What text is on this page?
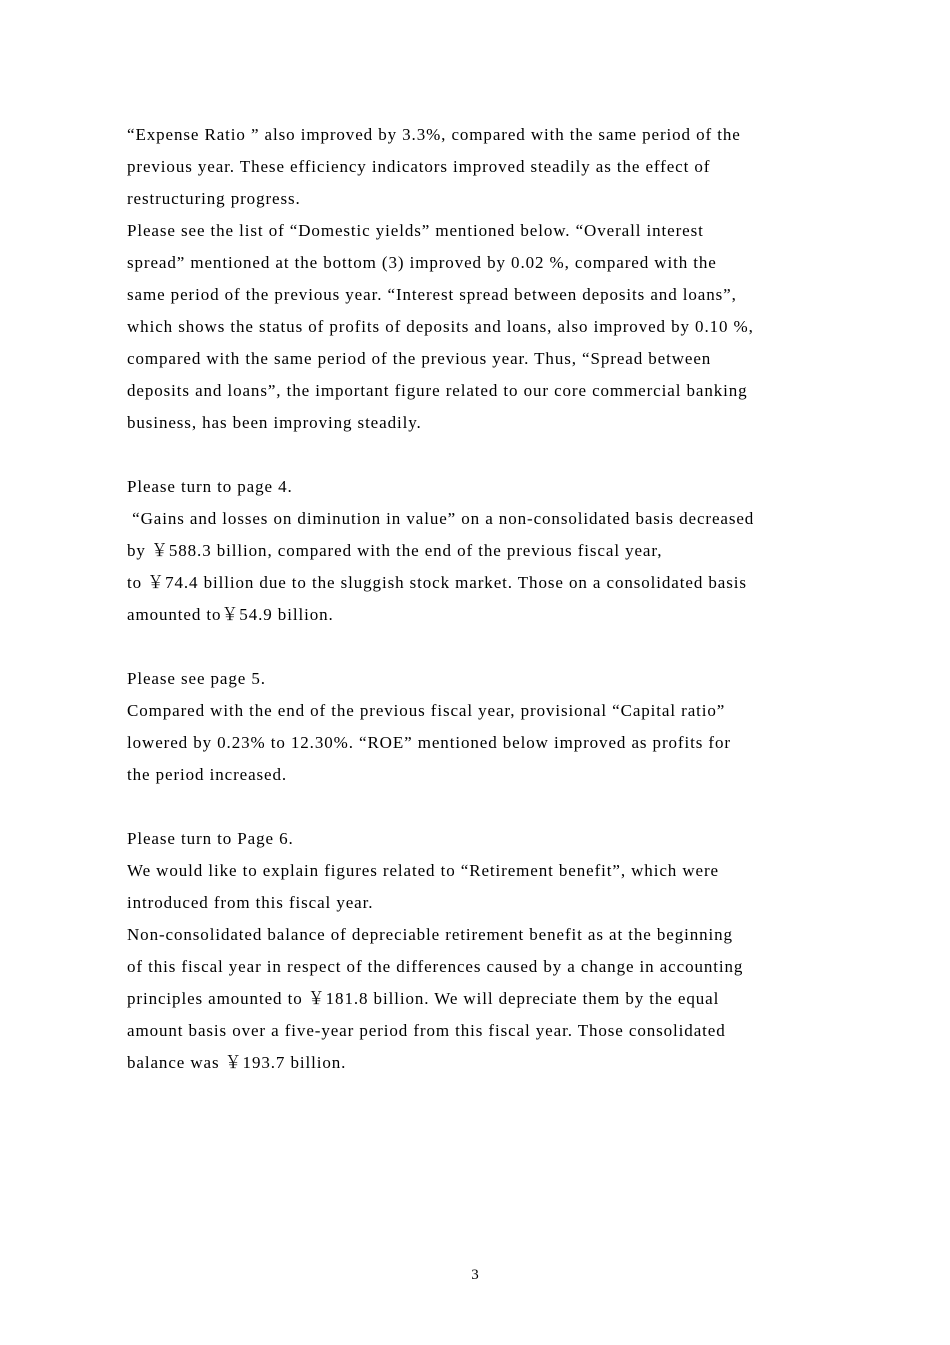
“Expense Ratio ” also improved by 3.3%, compared with the same period of the
previous year. These efficiency indicators improved steadily as the effect of
restructuring progress.
Please see the list of “Domestic yields” mentioned below. “Overall interest
spread” mentioned at the bottom (3) improved by 0.02 %, compared with the
same period of the previous year. “Interest spread between deposits and loans”,
which shows the status of profits of deposits and loans, also improved by 0.10 %,
compared with the same period of the previous year. Thus, “Spread between
deposits and loans”, the important figure related to our core commercial banking
business, has been improving steadily.
Please turn to page 4.
“Gains and losses on diminution in value” on a non-consolidated basis decreased
by ￥588.3 billion, compared with the end of the previous fiscal year,
to ￥74.4 billion due to the sluggish stock market. Those on a consolidated basis
amounted to￥54.9 billion.
Please see page 5.
Compared with the end of the previous fiscal year, provisional “Capital ratio”
lowered by 0.23% to 12.30%. “ROE” mentioned below improved as profits for
the period increased.
Please turn to Page 6.
We would like to explain figures related to “Retirement benefit”, which were
introduced from this fiscal year.
Non-consolidated balance of depreciable retirement benefit as at the beginning
of this fiscal year in respect of the differences caused by a change in accounting
principles amounted to ￥181.8 billion. We will depreciate them by the equal
amount basis over a five-year period from this fiscal year. Those consolidated
balance was ￥193.7 billion.
3
